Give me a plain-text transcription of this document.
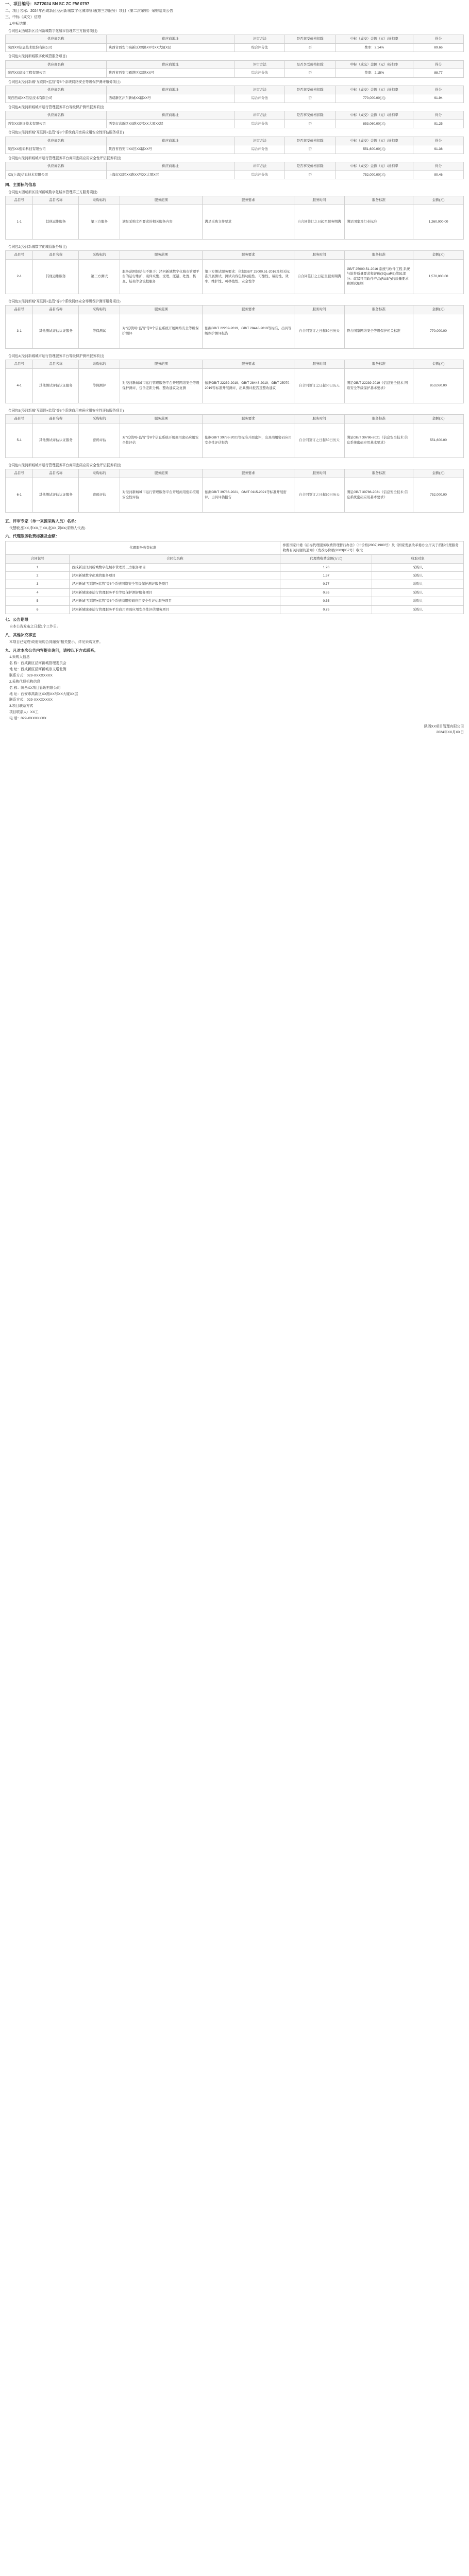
一、项目编号：SZT2024 SN SC ZC FW 0797

二、项目名称：2024年西咸新区泾河新城数字化城市管理(第三方服务）项目（第二次采购）采购结果公告

三、中标（成交）信息

1.中标结果：

合同包1(西咸新区泾河新城数字化城市管理第三方服务项目)

供应商名称	供应商地址	评审方法	是否享受价格扣除	中标（成交）金额（元）/折扣率	得分
陕西XX信息技术股份有限公司	陕西省西安市高新区XX路XX号XX大厦X层	综合评分法	否	费率：2.14%	89.66

合同包2(泾河新城数字化城管服务项目)

供应商名称	供应商地址	评审方法	是否享受价格扣除	中标（成交）金额（元）/折扣率	得分
陕西XX建设工程有限公司	陕西省西安市雁塔区XX路XX号	综合评分法	否	费率：2.15%	88.77

合同包3(泾河新城“互联网+监管”等8个系统网络安全等级保护测评服务项目)

供应商名称	供应商地址	评审方法	是否享受价格扣除	中标（成交）金额（元）/折扣率	得分
陕西西咸XX信息技术有限公司	西咸新区沣东新城XX路XX号	综合评分法	否	770,000.00(元)	91.94

合同包4(泾河新城城市运行管理服务平台等级保护测评服务项目)

供应商名称	供应商地址	评审方法	是否享受价格扣除	中标（成交）金额（元）/折扣率	得分
西安XX测评技术有限公司	西安市高新区XX路XX号XX大厦XX层	综合评分法	否	853,060.00(元)	91.25

合同包5(泾河新城“互联网+监管”等8个系统商用密码应用安全性评估服务项目)

供应商名称	供应商地址	评审方法	是否享受价格扣除	中标（成交）金额（元）/折扣率	得分
陕西XX密码科技有限公司	陕西省西安市XX区XX路XX号	综合评分法	否	551,600.00(元)	91.36

合同包6(泾河新城城市运行管理服务平台商用密码应用安全性评估服务项目)

供应商名称	供应商地址	评审方法	是否享受价格扣除	中标（成交）金额（元）/折扣率	得分
XX(上海)信息技术有限公司	上海市XX区XX路XX号XX大厦X层	综合评分法	否	752,000.00(元)	90.46

四、主要标的信息

合同包1(西咸新区泾河新城数字化城市管理第三方服务项目)

品目号	品目名称	采购标的	服务范围	服务要求	服务时间	服务标准	金额(元)
1-1	其他运维服务	第三方服务	满足采购文件要求的相关服务内容	满足采购文件要求	自合同签订之日起至服务期满	满足国家及行业标准	1,260,000.00

合同包2(泾河新城数字化城管服务项目)

品目号	品目名称	采购标的	服务范围	服务要求	服务时间	服务标准	金额(元)
2-1	其他运维服务	第三方测试	服务范围包括但不限于：泾河新城数字化城市管理平台的运行维护、案件采集、受理、派遣、处置、核查、结案等全流程服务	第三方测试服务要求：依据GB/T 25000.51-2016及相关标准开展测试，测试内容包括功能性、可靠性、易用性、效率、维护性、可移植性、安全性等	自合同签订之日起至服务期满	GB/T 25000.51-2016 系统与软件工程 系统与软件质量要求和评价(SQuaRE)第51部分：就绪可用软件产品(RUSP)的质量要求和测试细则	1,570,000.00

合同包3(泾河新城“互联网+监管”等8个系统网络安全等级保护测评服务项目)

品目号	品目名称	采购标的	服务范围	服务要求	服务时间	服务标准	金额(元)
3-1	其他测试评估认证服务	等保测试	对“互联网+监管”等8个信息系统开展网络安全等级保护测评	依据GB/T 22239-2019、GB/T 28448-2019等标准，出具等级保护测评报告	自合同签订之日起60日历天	符合国家网络安全等级保护相关标准	770,000.00

合同包4(泾河新城城市运行管理服务平台等级保护测评服务项目)

品目号	品目名称	采购标的	服务范围	服务要求	服务时间	服务标准	金额(元)
4-1	其他测试评估认证服务	等保测评	对泾河新城城市运行管理服务平台开展网络安全等级保护测评，包含差距分析、整改建议及复测	依据GB/T 22239-2019、GB/T 28448-2019、GB/T 25070-2019等标准开展测评，出具测评报告及整改建议	自合同签订之日起60日历天	满足GB/T 22239-2019《信息安全技术 网络安全等级保护基本要求》	853,060.00

合同包5(泾河新城“互联网+监管”等8个系统商用密码应用安全性评估服务项目)

品目号	品目名称	采购标的	服务范围	服务要求	服务时间	服务标准	金额(元)
5-1	其他测试评估认证服务	密码评估	对“互联网+监管”等8个信息系统开展商用密码应用安全性评估	依据GB/T 39786-2021等标准开展密评，出具商用密码应用安全性评估报告	自合同签订之日起60日历天	满足GB/T 39786-2021《信息安全技术 信息系统密码应用基本要求》	551,600.00

合同包6(泾河新城城市运行管理服务平台商用密码应用安全性评估服务项目)

品目号	品目名称	采购标的	服务范围	服务要求	服务时间	服务标准	金额(元)
6-1	其他测试评估认证服务	密码评估	对泾河新城城市运行管理服务平台开展商用密码应用安全性评估	依据GB/T 39786-2021、GM/T 0115-2021等标准开展密评，出具评估报告	自合同签订之日起60日历天	满足GB/T 39786-2021《信息安全技术 信息系统密码应用基本要求》	752,000.00

五、评审专家（单一来源采购人员）名单：

代慧敏,张XX,李XX,王XX,赵XX,刘XX(采购人代表)

六、代理服务收费标准及金额：

代理服务收费标准		参照国家计委《招标代理服务收费管理暂行办法》（计价格[2002]1980号）及《国家发展改革委办公厅关于招标代理服务收费有关问题的通知》（发改办价格[2003]857号）收取	
合同包号	合同包名称	代理费收费金额(万元)	收取对象
1	西咸新区泾河新城数字化城市管理第三方服务项目	1.26	采购人
2	泾河新城数字化城管服务项目	1.57	采购人
3	泾河新城“互联网+监管”等8个系统网络安全等级保护测评服务项目	0.77	采购人
4	泾河新城城市运行管理服务平台等级保护测评服务项目	0.85	采购人
5	泾河新城“互联网+监管”等8个系统商用密码应用安全性评估服务项目	0.55	采购人
6	泾河新城城市运行管理服务平台商用密码应用安全性评估服务项目	0.75	采购人

七、公告期限

自本公告发布之日起1个工作日。

八、其他补充事宜

本项目已完成“政府采购合同融资”相关提示，详见采购文件。

九、凡对本次公告内容提出询问，请按以下方式联系。

1.采购人信息

名 称：西咸新区泾河新城管理委员会

地 址：西咸新区泾河新城崇文塔北侧

联系方式：029-XXXXXXXX

2.采购代理机构信息

名 称：陕西XX项目管理有限公司

地 址：西安市高新区XX路XX号XX大厦XX层

联系方式：029-XXXXXXXX

3.项目联系方式

项目联系人：XX工

电 话：029-XXXXXXXX

陕西XX项目管理有限公司

2024年XX月XX日
